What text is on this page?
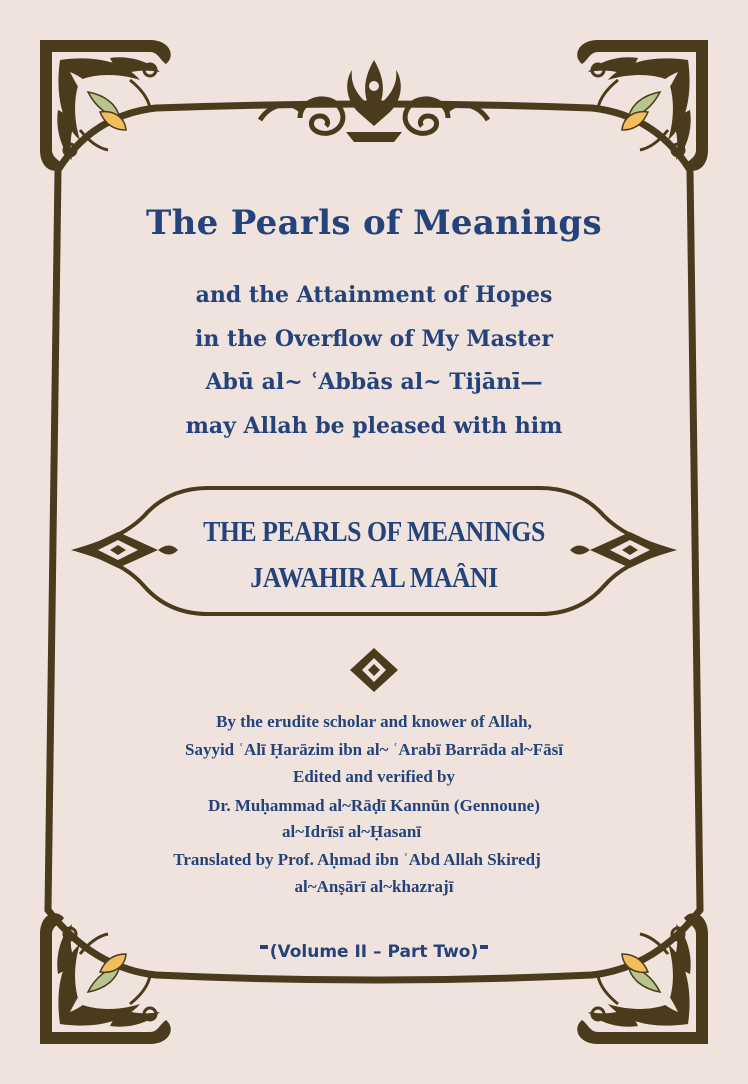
The Pearls of Meanings
and the Attainment of Hopes
in the Overflow of My Master
Abū al~ ʿAbbās al~ Tijānī—
may Allah be pleased with him
THE PEARLS OF MEANINGS
JAWAHIR AL MAÂNI
By the erudite scholar and knower of Allah,
Sayyid ʿAlī Ḥarāzim ibn al~ ʿArabī Barrāda al~Fāsī
Edited and verified by
Dr. Muḥammad al~Rāḍī Kannūn (Gennoune)
al~Idrīsī al~Ḥasanī
Translated by Prof. Aḥmad ibn ʿAbd Allah Skiredj
al~Anṣārī al~khazrajī
(Volume II – Part Two)
